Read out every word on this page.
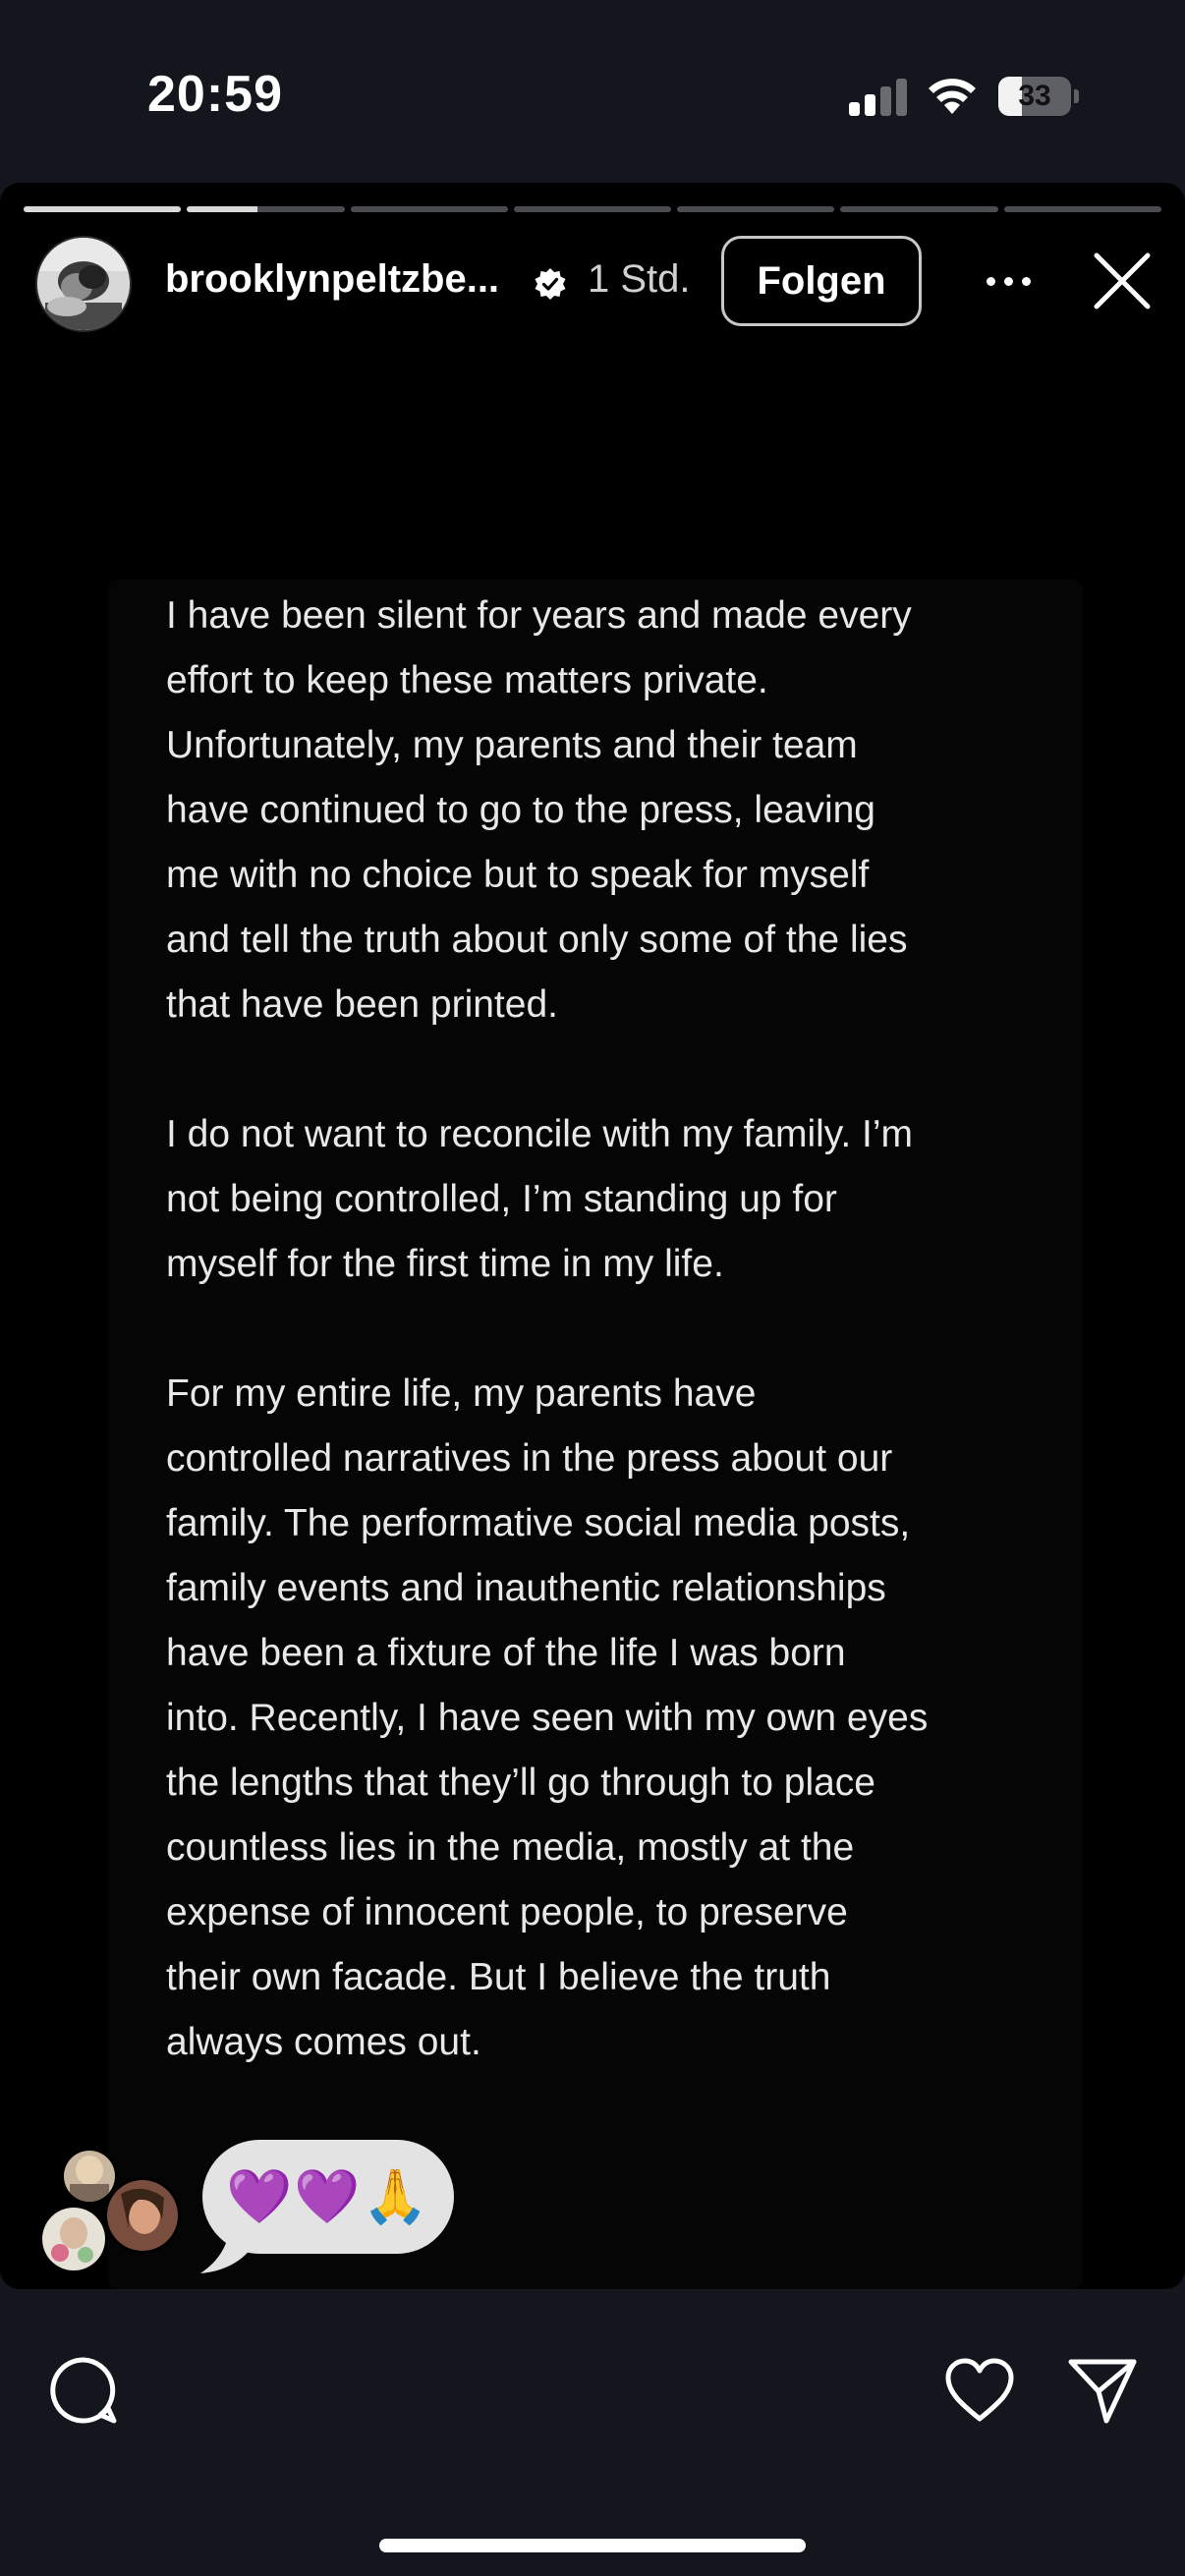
20:59	33
brooklynpeltzbe... 1 Std.	Folgen

I have been silent for years and made every
effort to keep these matters private.
Unfortunately, my parents and their team
have continued to go to the press, leaving
me with no choice but to speak for myself
and tell the truth about only some of the lies
that have been printed.

I do not want to reconcile with my family. I’m
not being controlled, I’m standing up for
myself for the first time in my life.

For my entire life, my parents have
controlled narratives in the press about our
family. The performative social media posts,
family events and inauthentic relationships
have been a fixture of the life I was born
into. Recently, I have seen with my own eyes
the lengths that they’ll go through to place
countless lies in the media, mostly at the
expense of innocent people, to preserve
their own facade. But I believe the truth
always comes out.

💜💜🙏
